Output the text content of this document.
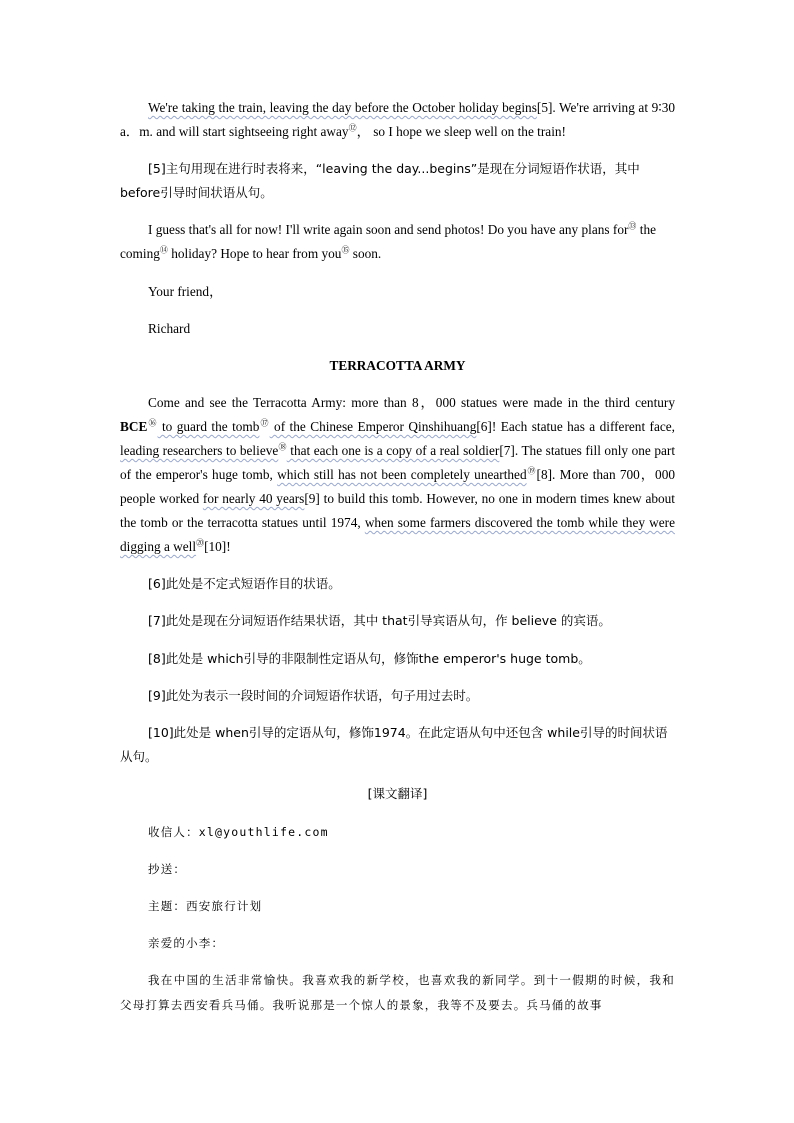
We're taking the train, leaving the day before the October holiday begins[5]. We're arriving at 9∶30 a．m. and will start sightseeing right away⑫， so I hope we sleep well on the train!

[5]主句用现在进行时表将来，“leaving the day...begins”是现在分词短语作状语，其中 before引导时间状语从句。

I guess that's all for now! I'll write again soon and send photos! Do you have any plans for⑬ the coming⑭ holiday? Hope to hear from you⑮ soon.

Your friend，

Richard

TERRACOTTA ARMY

Come and see the Terracotta Army: more than 8，000 statues were made in the third century BCE⑯ to guard the tomb⑰ of the Chinese Emperor Qinshihuang[6]! Each statue has a different face, leading researchers to believe⑱ that each one is a copy of a real soldier[7]. The statues fill only one part of the emperor's huge tomb, which still has not been completely unearthed⑲[8]. More than 700，000 people worked for nearly 40 years[9] to build this tomb. However, no one in modern times knew about the tomb or the terracotta statues until 1974, when some farmers discovered the tomb while they were digging a well⑳[10]!

[6]此处是不定式短语作目的状语。

[7]此处是现在分词短语作结果状语，其中 that引导宾语从句，作 believe 的宾语。

[8]此处是 which引导的非限制性定语从句，修饰the emperor's huge tomb。

[9]此处为表示一段时间的介词短语作状语，句子用过去时。

[10]此处是 when引导的定语从句，修饰1974。在此定语从句中还包含 while引导的时间状语从句。

[课文翻译]

收信人：xl@youthlife.com

抄送：

主题：西安旅行计划

亲爱的小李：

我在中国的生活非常愉快。我喜欢我的新学校，也喜欢我的新同学。到十一假期的时候，我和父母打算去西安看兵马俑。我听说那是一个惊人的景象，我等不及要去。兵马俑的故事
